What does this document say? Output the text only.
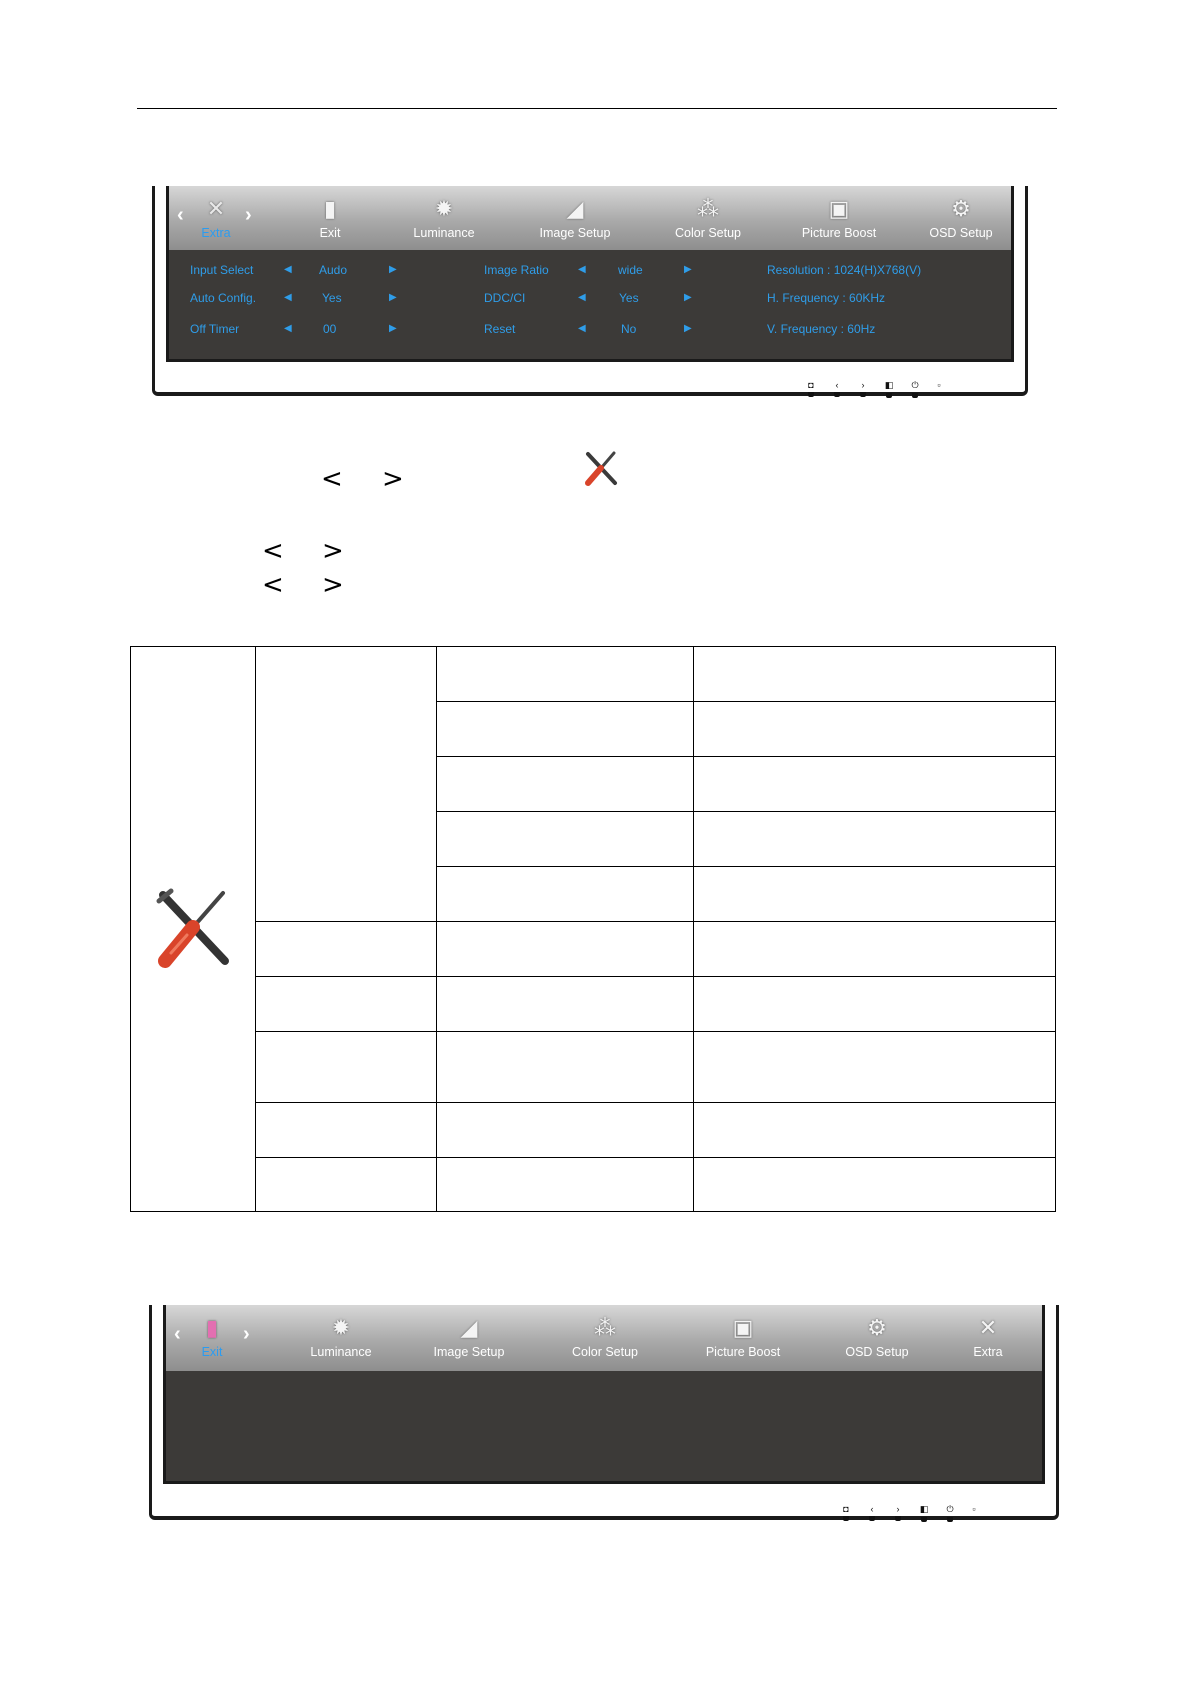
‹	›
✕
Extra
▮
Exit
✹
Luminance
◢
Image Setup
⁂
Color Setup
▣
Picture Boost
⚙
OSD Setup
Input Select	◀ Audo	▶	Image Ratio	◀	wide	▶	Resolution : 1024(H)X768(V)
Auto Config.	◀	Yes	▶	DDC/CI	◀	Yes	▶	H. Frequency : 60KHz
Off Timer	◀	00	▶	Reset	◀	No	▶	V. Frequency : 60Hz
◘	‹	›	◧	⏻	▫
< >
< >
< >

‹	›
▮
Exit
✹
Luminance
◢
Image Setup
⁂
Color Setup
▣
Picture Boost
⚙
OSD Setup
✕
Extra
◘	‹	›	◧	⏻	▫
